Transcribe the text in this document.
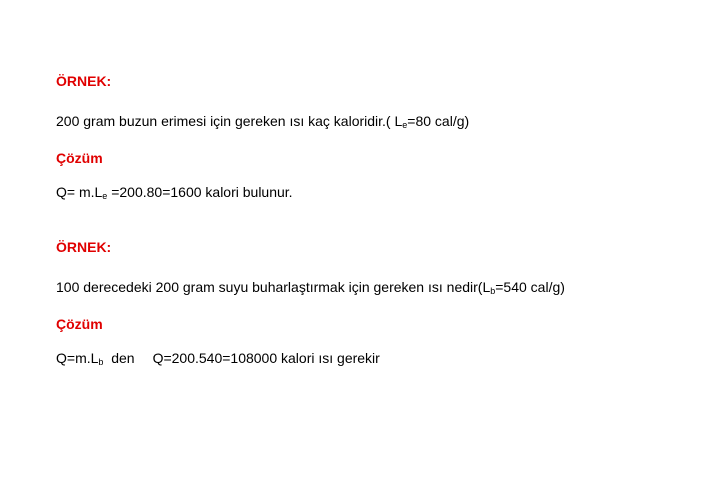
ÖRNEK:
200 gram buzun erimesi için gereken ısı kaç kaloridir.( $L_e=80$ cal/g)
Çözüm
$Q= m.L_e =200.80=1600$ kalori bulunur.
ÖRNEK:
100 derecedeki 200 gram suyu buharlaştırmak için gereken ısı $nedir(L_b=540$ cal/g)
Çözüm
$Q=m.L_b$  den Q=200.540=108000 kalori ısı gerekir
